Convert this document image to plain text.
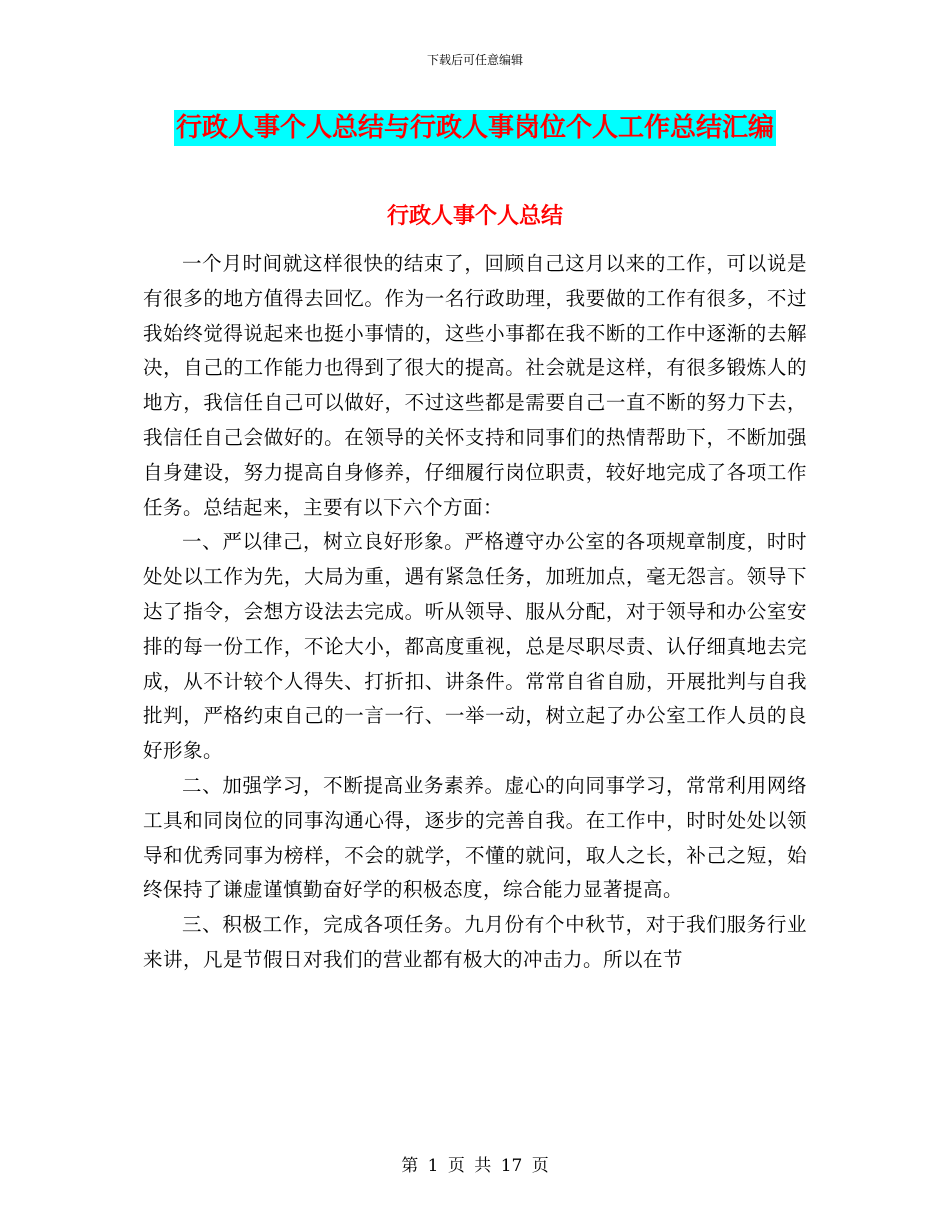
下载后可任意编辑
行政人事个人总结与行政人事岗位个人工作总结汇编
行政人事个人总结

一个月时间就这样很快的结束了，回顾自己这月以来的工作，可以说是有很多的地方值得去回忆。作为一名行政助理，我要做的工作有很多，不过我始终觉得说起来也挺小事情的，这些小事都在我不断的工作中逐渐的去解决，自己的工作能力也得到了很大的提高。社会就是这样，有很多锻炼人的地方，我信任自己可以做好，不过这些都是需要自己一直不断的努力下去，我信任自己会做好的。在领导的关怀支持和同事们的热情帮助下，不断加强自身建设，努力提高自身修养，仔细履行岗位职责，较好地完成了各项工作任务。总结起来，主要有以下六个方面：

一、严以律己，树立良好形象。严格遵守办公室的各项规章制度，时时处处以工作为先，大局为重，遇有紧急任务，加班加点，毫无怨言。领导下达了指令，会想方设法去完成。听从领导、服从分配，对于领导和办公室安排的每一份工作，不论大小，都高度重视，总是尽职尽责、认仔细真地去完成，从不计较个人得失、打折扣、讲条件。常常自省自励，开展批判与自我批判，严格约束自己的一言一行、一举一动，树立起了办公室工作人员的良好形象。

二、加强学习，不断提高业务素养。虚心的向同事学习，常常利用网络工具和同岗位的同事沟通心得，逐步的完善自我。在工作中，时时处处以领导和优秀同事为榜样，不会的就学，不懂的就问，取人之长，补己之短，始终保持了谦虚谨慎勤奋好学的积极态度，综合能力显著提高。

三、积极工作，完成各项任务。九月份有个中秋节，对于我们服务行业来讲，凡是节假日对我们的营业都有极大的冲击力。所以在节

第 1 页 共 17 页
